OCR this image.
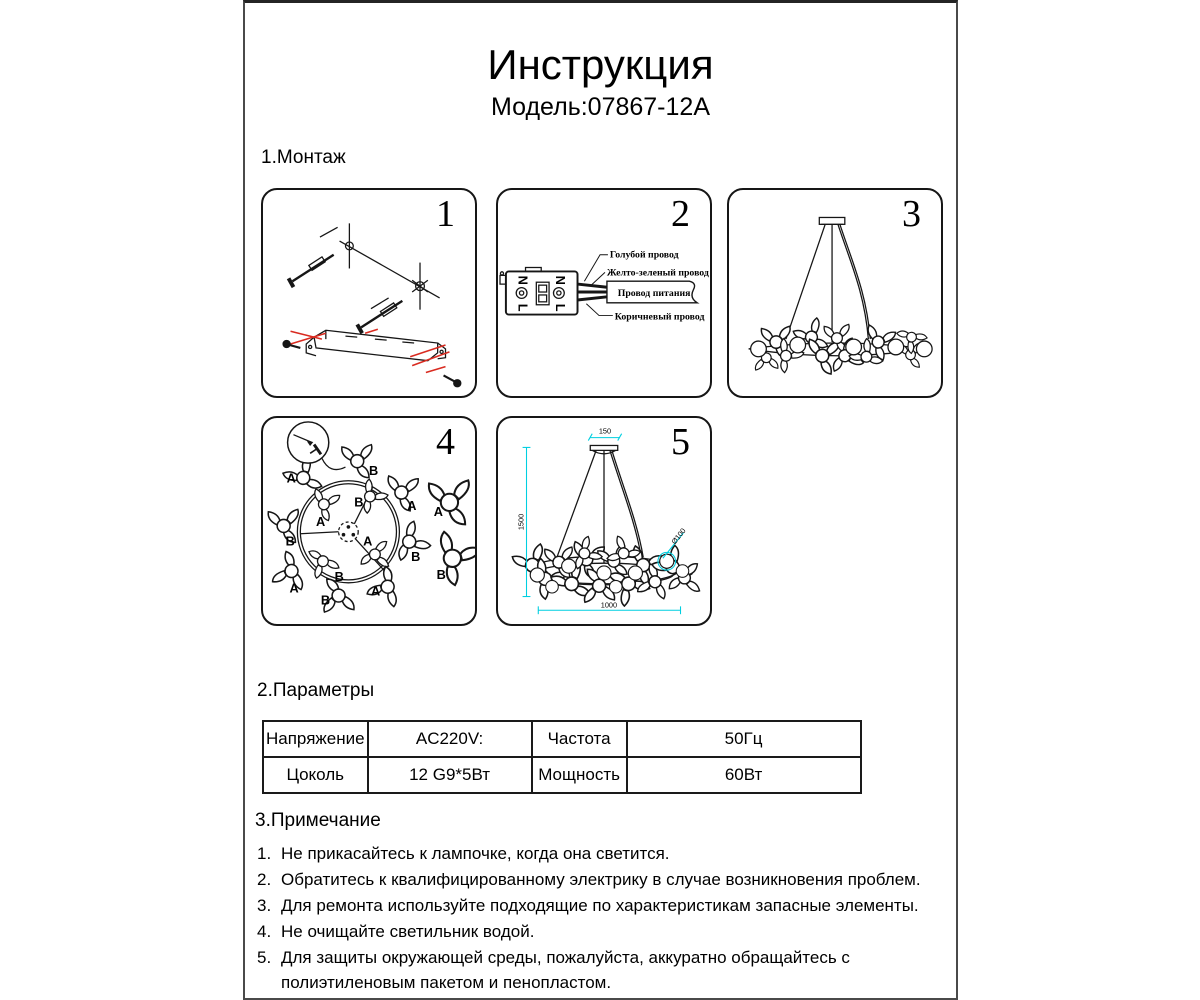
Инструкция
Модель:07867-12A
1.Монтаж
1
N
L
N
L
Голубой провод
Желто-зеленый провод
Провод питания
Коричневый провод
2	3
B
A
A
A
B
B
B
A
B
A
B
A
A
B
4	150
1500
1000
Ø100
5
2.Параметры
Напряжение	AC220V:	Частота	50Гц
Цоколь	12 G9*5Вт	Мощность	60Вт
3.Примечание
1. Не прикасайтесь к лампочке, когда она светится.
2. Обратитесь к квалифицированному электрику в случае возникновения проблем.
3. Для ремонта используйте подходящие по характеристикам запасные элементы.
4. Не очищайте светильник водой.
5. Для защиты окружающей среды, пожалуйста, аккуратно обращайтесь с полиэтиленовым пакетом и пенопластом.
